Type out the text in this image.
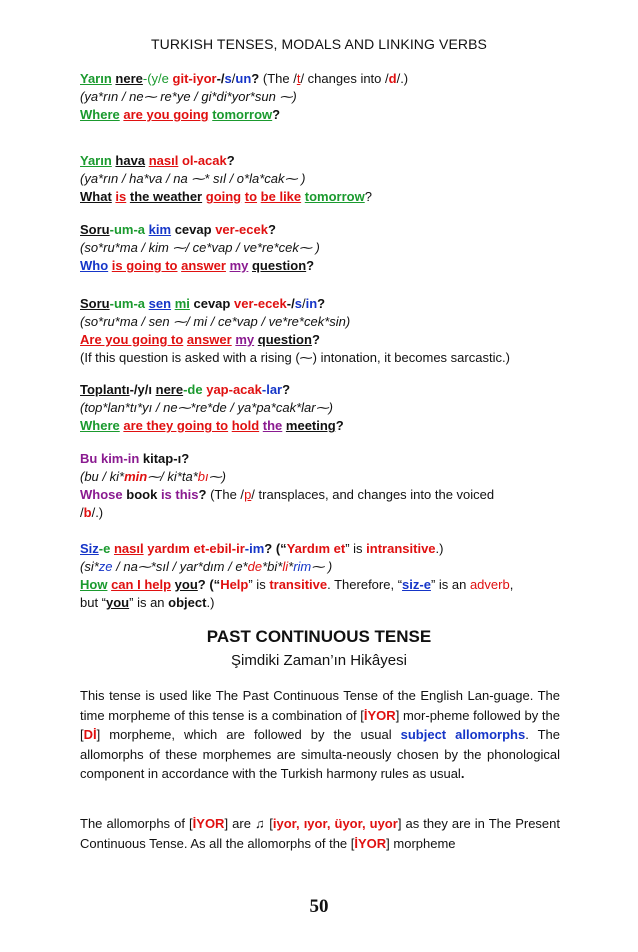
TURKISH TENSES, MODALS AND LINKING VERBS
Yarın nere-(y/e git-iyor-/s/un? (The /t/ changes into /d/.)
(ya*rın / ne⁓ re*ye / gi*di*yor*sun ⁓)
Where are you going tomorrow?
Yarın hava nasıl ol-acak?
(ya*rın / ha*va / na ⁓* sıl / o*la*cak⁓ )
What is the weather going to be like tomorrow?
Soru-um-a kim cevap ver-ecek?
(so*ru*ma / kim ⁓/ ce*vap / ve*re*cek⁓ )
Who is going to answer my question?
Soru-um-a sen mi cevap ver-ecek-/s/in?
(so*ru*ma / sen ⁓/ mi / ce*vap / ve*re*cek*sin)
Are you going to answer my question?
(If this question is asked with a rising (⁓) intonation, it becomes sarcastic.)
Toplantı-/y/ı nere-de yap-acak-lar?
(top*lan*tı*yı / ne⁓*re*de / ya*pa*cak*lar⁓)
Where are they going to hold the meeting?
Bu kim-in kitap-ı?
(bu / ki*min⁓/ ki*ta*bı⁓)
Whose book is this? (The /p/ transplaces, and changes into the voiced
/b/.)
Siz-e nasıl yardım et-ebil-ir-im? (“Yardım et” is intransitive.)
(si*ze / na⁓*sıl / yar*dım / e*de*bi*li*rim⁓ )
How can I help you? (“Help” is transitive. Therefore, “siz-e” is an adverb,
but “you” is an object.)
PAST CONTINUOUS TENSE
Şimdiki Zaman’ın Hikâyesi
This tense is used like The Past Continuous Tense of the English Lan-guage. The time morpheme of this tense is a combination of [İYOR] mor-pheme followed by the [Dİ] morpheme, which are followed by the usual subject allomorphs. The allomorphs of these morphemes are simulta-neously chosen by the phonological component in accordance with the Turkish harmony rules as usual.
The allomorphs of [İYOR] are ♫ [iyor, ıyor, üyor, uyor] as they are in The Present Continuous Tense. As all the allomorphs of the [İYOR] morpheme
50
